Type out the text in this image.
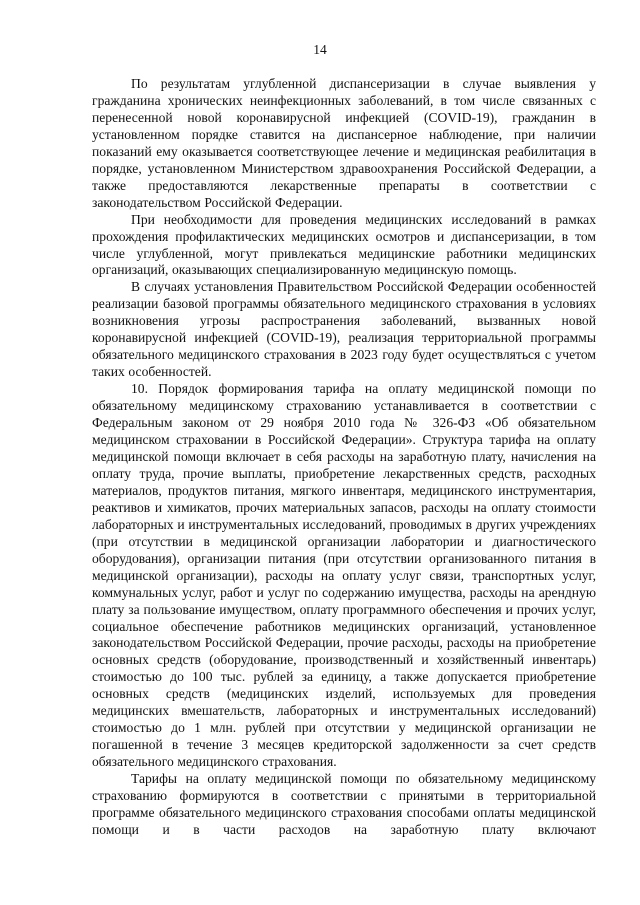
14

По результатам углубленной диспансеризации в случае выявления у гражданина хронических неинфекционных заболеваний, в том числе связанных с перенесенной новой коронавирусной инфекцией (COVID-19), гражданин в установленном порядке ставится на диспансерное наблюдение, при наличии показаний ему оказывается соответствующее лечение и медицинская реабилитация в порядке, установленном Министерством здравоохранения Российской Федерации, а также предоставляются лекарственные препараты в соответствии с законодательством Российской Федерации.

При необходимости для проведения медицинских исследований в рамках прохождения профилактических медицинских осмотров и диспансеризации, в том числе углубленной, могут привлекаться медицинские работники медицинских организаций, оказывающих специализированную медицинскую помощь.

В случаях установления Правительством Российской Федерации особенностей реализации базовой программы обязательного медицинского страхования в условиях возникновения угрозы распространения заболеваний, вызванных новой коронавирусной инфекцией (COVID-19), реализация территориальной программы обязательного медицинского страхования в 2023 году будет осуществляться с учетом таких особенностей.

10. Порядок формирования тарифа на оплату медицинской помощи по обязательному медицинскому страхованию устанавливается в соответствии с Федеральным законом от 29 ноября 2010 года № 326-ФЗ «Об обязательном медицинском страховании в Российской Федерации». Структура тарифа на оплату медицинской помощи включает в себя расходы на заработную плату, начисления на оплату труда, прочие выплаты, приобретение лекарственных средств, расходных материалов, продуктов питания, мягкого инвентаря, медицинского инструментария, реактивов и химикатов, прочих материальных запасов, расходы на оплату стоимости лабораторных и инструментальных исследований, проводимых в других учреждениях (при отсутствии в медицинской организации лаборатории и диагностического оборудования), организации питания (при отсутствии организованного питания в медицинской организации), расходы на оплату услуг связи, транспортных услуг, коммунальных услуг, работ и услуг по содержанию имущества, расходы на арендную плату за пользование имуществом, оплату программного обеспечения и прочих услуг, социальное обеспечение работников медицинских организаций, установленное законодательством Российской Федерации, прочие расходы, расходы на приобретение основных средств (оборудование, производственный и хозяйственный инвентарь) стоимостью до 100 тыс. рублей за единицу, а также допускается приобретение основных средств (медицинских изделий, используемых для проведения медицинских вмешательств, лабораторных и инструментальных исследований) стоимостью до 1 млн. рублей при отсутствии у медицинской организации не погашенной в течение 3 месяцев кредиторской задолженности за счет средств обязательного медицинского страхования.

Тарифы на оплату медицинской помощи по обязательному медицинскому страхованию формируются в соответствии с принятыми в территориальной программе обязательного медицинского страхования способами оплаты медицинской помощи и в части расходов на заработную плату включают
